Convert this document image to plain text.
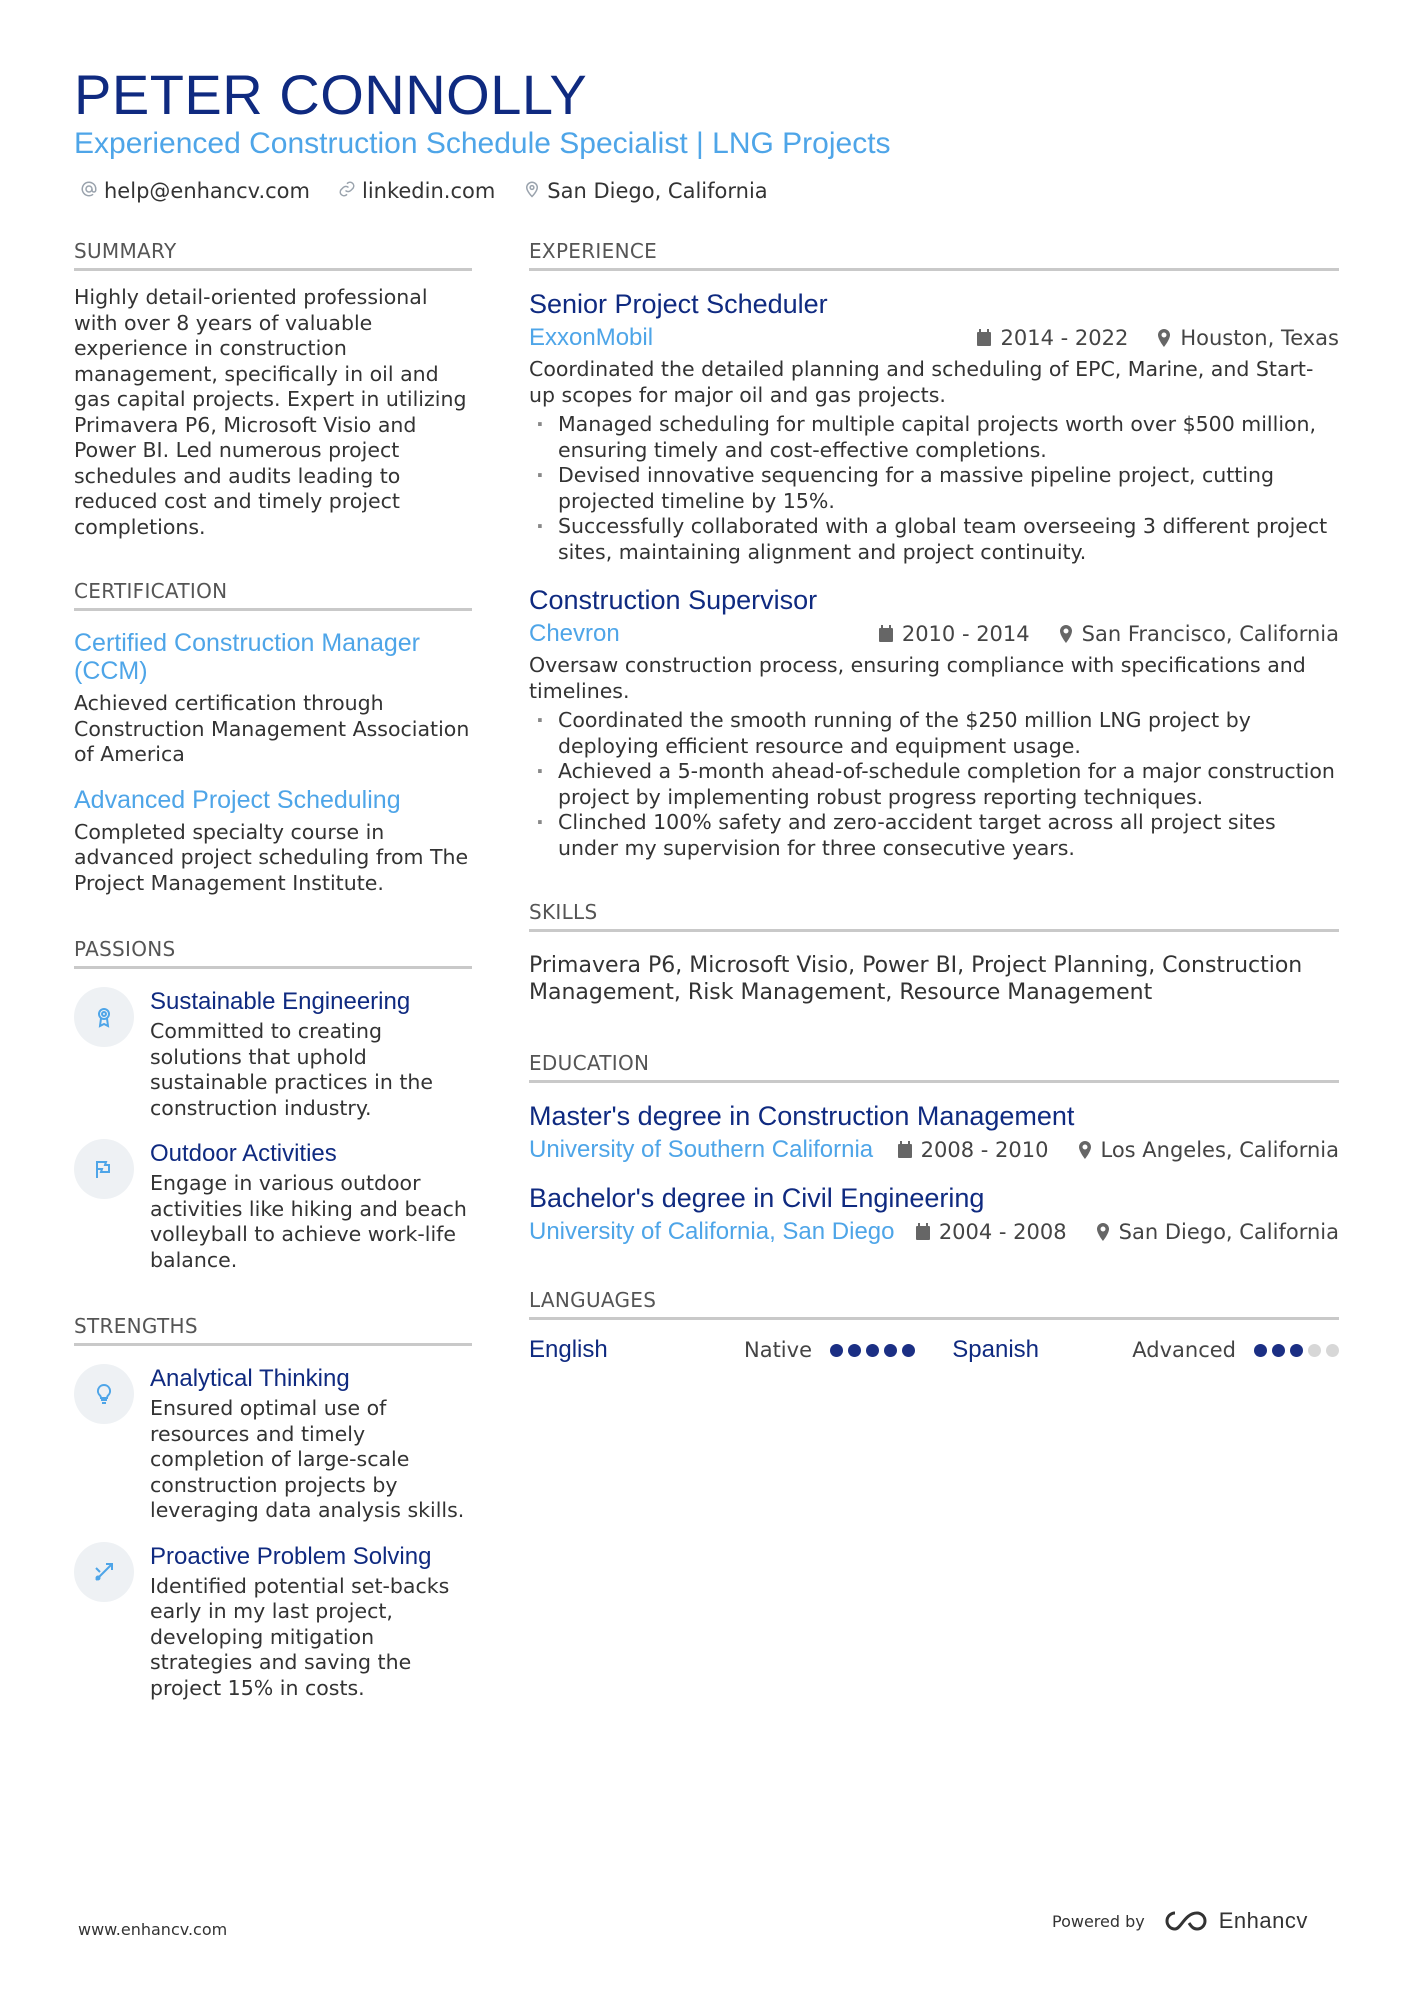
PETER CONNOLLY
Experienced Construction Schedule Specialist | LNG Projects
help@enhancv.com linkedin.com San Diego, California
SUMMARY
Highly detail-oriented professional with over 8 years of valuable experience in construction management, specifically in oil and gas capital projects. Expert in utilizing Primavera P6, Microsoft Visio and Power BI. Led numerous project schedules and audits leading to reduced cost and timely project completions.
CERTIFICATION
Certified Construction Manager (CCM)
Achieved certification through Construction Management Association of America
Advanced Project Scheduling
Completed specialty course in advanced project scheduling from The Project Management Institute.
PASSIONS
Sustainable Engineering
Committed to creating solutions that uphold sustainable practices in the construction industry.
Outdoor Activities
Engage in various outdoor activities like hiking and beach volleyball to achieve work-life balance.
STRENGTHS
Analytical Thinking
Ensured optimal use of resources and timely completion of large-scale construction projects by leveraging data analysis skills.
Proactive Problem Solving
Identified potential set-backs early in my last project, developing mitigation strategies and saving the project 15% in costs.
EXPERIENCE
Senior Project Scheduler
ExxonMobil	2014 - 2022 Houston, Texas
Coordinated the detailed planning and scheduling of EPC, Marine, and Start-up scopes for major oil and gas projects.
· Managed scheduling for multiple capital projects worth over $500 million, ensuring timely and cost-effective completions.
· Devised innovative sequencing for a massive pipeline project, cutting projected timeline by 15%.
· Successfully collaborated with a global team overseeing 3 different project sites, maintaining alignment and project continuity.
Construction Supervisor
Chevron	2010 - 2014 San Francisco, California
Oversaw construction process, ensuring compliance with specifications and timelines.
· Coordinated the smooth running of the $250 million LNG project by deploying efficient resource and equipment usage.
· Achieved a 5-month ahead-of-schedule completion for a major construction project by implementing robust progress reporting techniques.
· Clinched 100% safety and zero-accident target across all project sites under my supervision for three consecutive years.
SKILLS
Primavera P6, Microsoft Visio, Power BI, Project Planning, Construction Management, Risk Management, Resource Management
EDUCATION
Master's degree in Construction Management
University of Southern California 2008 - 2010 Los Angeles, California
Bachelor's degree in Civil Engineering
University of California, San Diego 2004 - 2008 San Diego, California
LANGUAGES
English	Native	Spanish	Advanced
www.enhancv.com	Powered by	Enhancv
